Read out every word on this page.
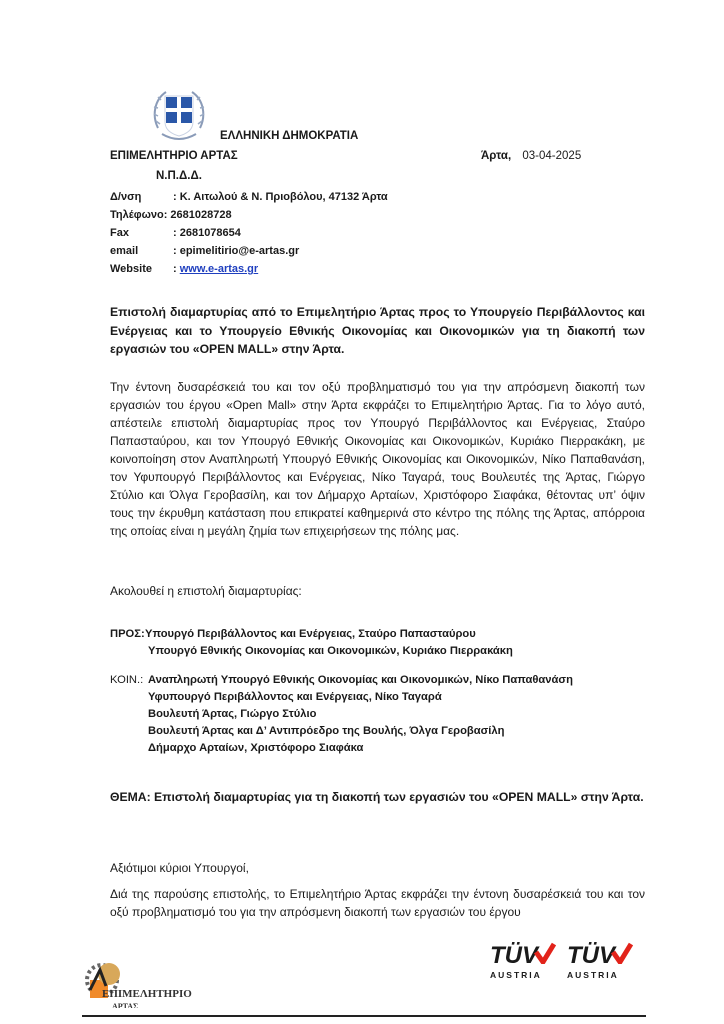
ΕΛΛΗΝΙΚΗ ΔΗΜΟΚΡΑΤΙΑ
ΕΠΙΜΕΛΗΤΗΡΙΟ ΑΡΤΑΣ	Άρτα, 03-04-2025
Ν.Π.Δ.Δ.
Δ/νση	: Κ. Αιτωλού & Ν. Πριοβόλου, 47132 Άρτα
Τηλέφωνο : 2681028728
Fax	: 2681078654
email	: epimelitirio@e-artas.gr
Website	: www.e-artas.gr
Επιστολή διαμαρτυρίας από το Επιμελητήριο Άρτας προς το Υπουργείο Περιβάλλοντος και Ενέργειας και το Υπουργείο Εθνικής Οικονομίας και Οικονομικών για τη διακοπή των εργασιών του «OPEN MALL» στην Άρτα.
Την έντονη δυσαρέσκειά του και τον οξύ προβληματισμό του για την απρόσμενη διακοπή των εργασιών του έργου «Open Mall» στην Άρτα εκφράζει το Επιμελητήριο Άρτας. Για το λόγο αυτό, απέστειλε επιστολή διαμαρτυρίας προς τον Υπουργό Περιβάλλοντος και Ενέργειας, Σταύρο Παπασταύρου, και τον Υπουργό Εθνικής Οικονομίας και Οικονομικών, Κυριάκο Πιερρακάκη, με κοινοποίηση στον Αναπληρωτή Υπουργό Εθνικής Οικονομίας και Οικονομικών, Νίκο Παπαθανάση, τον Υφυπουργό Περιβάλλοντος και Ενέργειας, Νίκο Ταγαρά, τους Βουλευτές της Άρτας, Γιώργο Στύλιο και Όλγα Γεροβασίλη, και τον Δήμαρχο Αρταίων, Χριστόφορο Σιαφάκα, θέτοντας υπ’ όψιν τους την έκρυθμη κατάσταση που επικρατεί καθημερινά στο κέντρο της πόλης της Άρτας, απόρροια της οποίας είναι η μεγάλη ζημία των επιχειρήσεων της πόλης μας.
Ακολουθεί η επιστολή διαμαρτυρίας:
ΠΡΟΣ: Υπουργό Περιβάλλοντος και Ενέργειας, Σταύρο Παπασταύρου
Υπουργό Εθνικής Οικονομίας και Οικονομικών, Κυριάκο Πιερρακάκη
ΚΟΙΝ.: Αναπληρωτή Υπουργό Εθνικής Οικονομίας και Οικονομικών, Νίκο Παπαθανάση
Υφυπουργό Περιβάλλοντος και Ενέργειας, Νίκο Ταγαρά
Βουλευτή Άρτας, Γιώργο Στύλιο
Βουλευτή Άρτας και Δ’ Αντιπρόεδρο της Βουλής, Όλγα Γεροβασίλη
Δήμαρχο Αρταίων, Χριστόφορο Σιαφάκα
ΘΕΜΑ: Επιστολή διαμαρτυρίας για τη διακοπή των εργασιών του «OPEN MALL» στην Άρτα.
Αξιότιμοι κύριοι Υπουργοί,
Διά της παρούσης επιστολής, το Επιμελητήριο Άρτας εκφράζει την έντονη δυσαρέσκειά του και τον οξύ προβληματισμό του για την απρόσμενη διακοπή των εργασιών του έργου
ΕΠΙΜΕΛΗΤΗΡΙΟ
ΑΡΤΑΣ
TÜV
AUSTRIA
TÜV
AUSTRIA
